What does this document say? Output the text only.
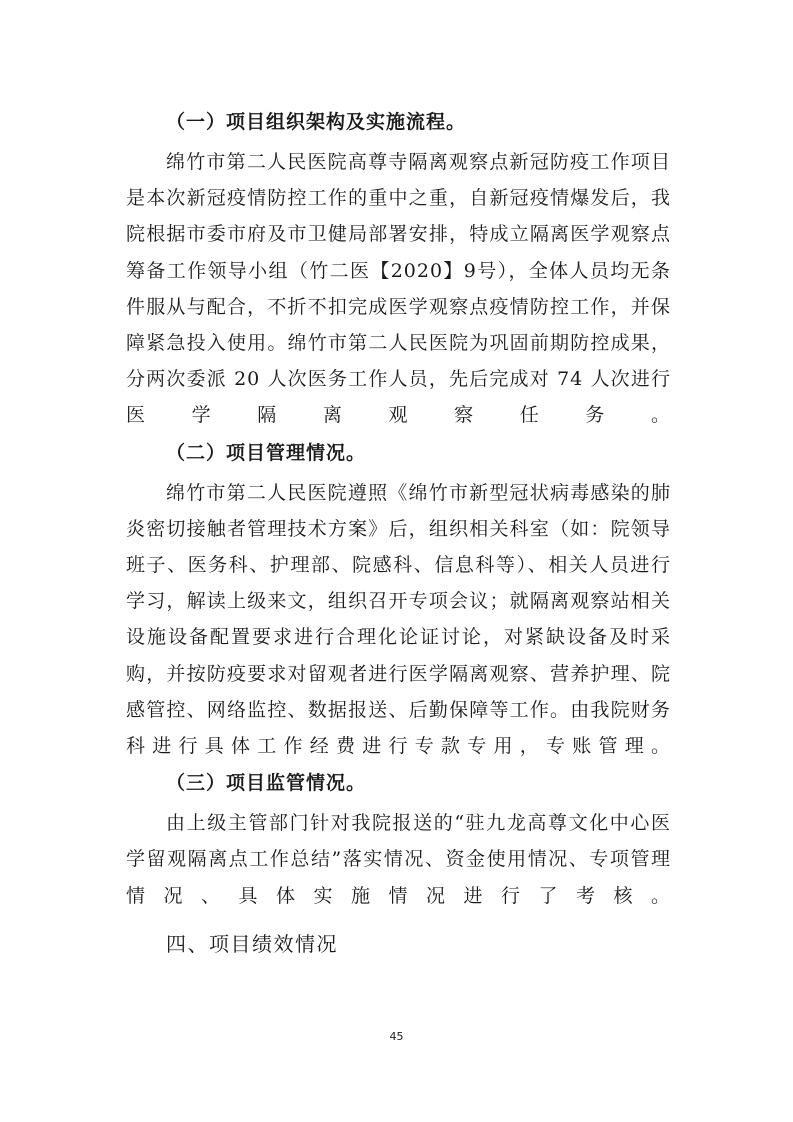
（一）项目组织架构及实施流程。

绵竹市第二人民医院高尊寺隔离观察点新冠防疫工作项目是本次新冠疫情防控工作的重中之重，自新冠疫情爆发后，我院根据市委市府及市卫健局部署安排，特成立隔离医学观察点筹备工作领导小组（竹二医【2020】9号），全体人员均无条件服从与配合，不折不扣完成医学观察点疫情防控工作，并保障紧急投入使用。绵竹市第二人民医院为巩固前期防控成果，分两次委派 20 人次医务工作人员，先后完成对 74 人次进行医学隔离观察任务。

（二）项目管理情况。

绵竹市第二人民医院遵照《绵竹市新型冠状病毒感染的肺炎密切接触者管理技术方案》后，组织相关科室（如：院领导班子、医务科、护理部、院感科、信息科等）、相关人员进行学习，解读上级来文，组织召开专项会议；就隔离观察站相关设施设备配置要求进行合理化论证讨论，对紧缺设备及时采购，并按防疫要求对留观者进行医学隔离观察、营养护理、院感管控、网络监控、数据报送、后勤保障等工作。由我院财务科进行具体工作经费进行专款专用，专账管理。

（三）项目监管情况。

由上级主管部门针对我院报送的“驻九龙高尊文化中心医学留观隔离点工作总结”落实情况、资金使用情况、专项管理情况、具体实施情况进行了考核。

四、项目绩效情况
45
